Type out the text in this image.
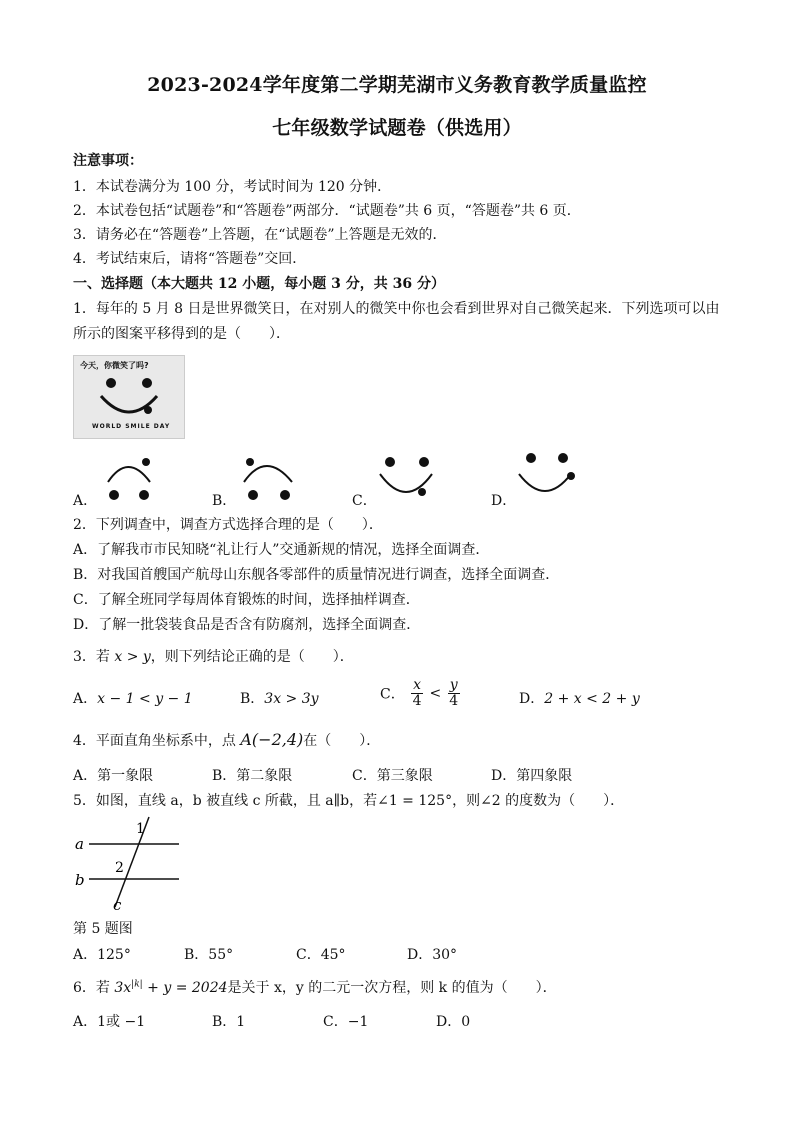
2023-2024学年度第二学期芜湖市义务教育教学质量监控
七年级数学试题卷（供选用）
注意事项：
1．本试卷满分为 100 分，考试时间为 120 分钟．
2．本试卷包括“试题卷”和“答题卷”两部分．“试题卷”共 6 页，“答题卷”共 6 页．
3．请务必在“答题卷”上答题，在“试题卷”上答题是无效的．
4．考试结束后，请将“答题卷”交回．
一、选择题（本大题共 12 小题，每小题 3 分，共 36 分）
1．每年的 5 月 8 日是世界微笑日，在对别人的微笑中你也会看到世界对自己微笑起来．下列选项可以由
所示的图案平移得到的是（　　）．
今天，你微笑了吗?
WORLD SMILE DAY
A．	B．	C．	D．
2．下列调查中，调查方式选择合理的是（　　）．
A．了解我市市民知晓“礼让行人”交通新规的情况，选择全面调查．
B．对我国首艘国产航母山东舰各零部件的质量情况进行调查，选择全面调查．
C．了解全班同学每周体育锻炼的时间，选择抽样调查．
D．了解一批袋装食品是否含有防腐剂，选择全面调查．
3．若 x > y，则下列结论正确的是（　　）．
A．x − 1 < y − 1	B．3x > 3y	C． $\frac{x}{4} < \frac{y}{4}$	D．2 + x < 2 + y
4．平面直角坐标系中，点 A(−2,4)在（　　）．
A．第一象限	B．第二象限	C．第三象限	D．第四象限
5．如图，直线 a，b 被直线 c 所截，且 a∥b，若∠1 = 125°，则∠2 的度数为（　　）．
a
b
c
1
2
第 5 题图
A．125°	B．55°	C．45°	D．30°
6．若 $3x^{|k|} + y = 2024$是关于 x，y 的二元一次方程，则 k 的值为（　　）．
A．1或 −1	B．1	C．−1	D．0
